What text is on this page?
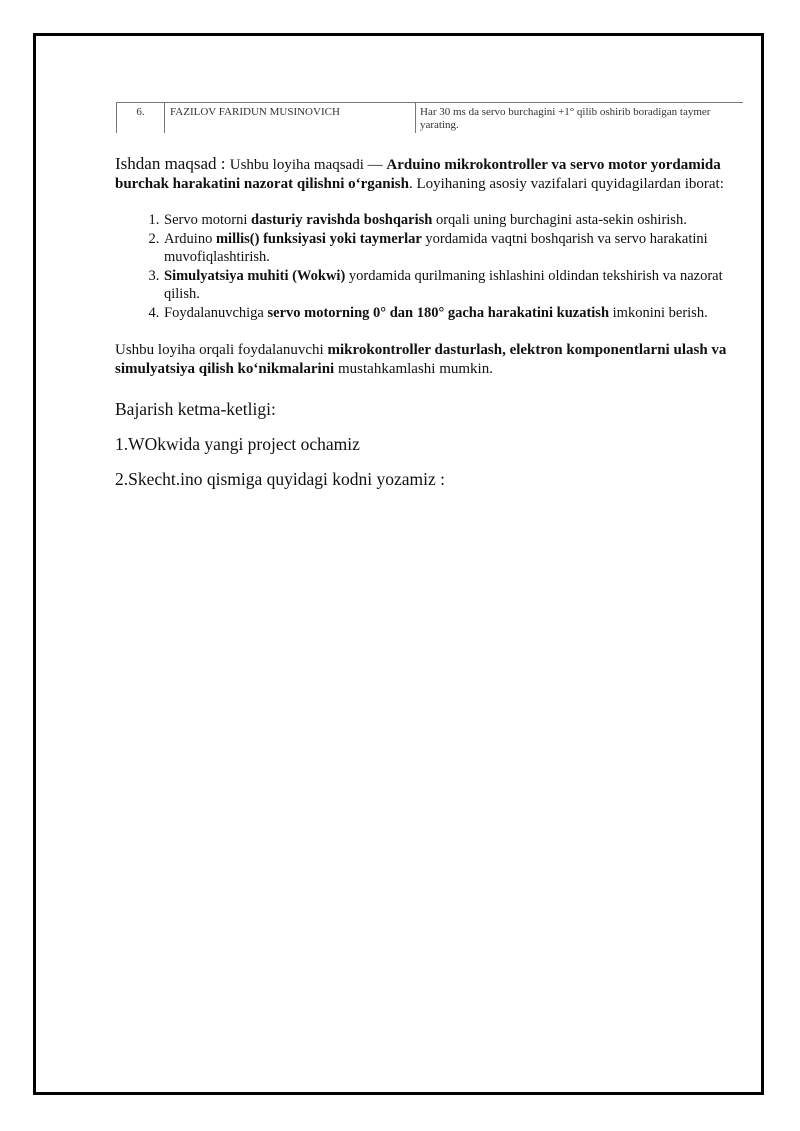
6.	FAZILOV FARIDUN MUSINOVICH	Har 30 ms da servo burchagini +1° qilib oshirib boradigan taymer yarating.

Ishdan maqsad : Ushbu loyiha maqsadi — Arduino mikrokontroller va servo motor yordamida burchak harakatini nazorat qilishni o‘rganish. Loyihaning asosiy vazifalari quyidagilardan iborat:

1. Servo motorni dasturiy ravishda boshqarish orqali uning burchagini asta-sekin oshirish.
2. Arduino millis() funksiyasi yoki taymerlar yordamida vaqtni boshqarish va servo harakatini muvofiqlashtirish.
3. Simulyatsiya muhiti (Wokwi) yordamida qurilmaning ishlashini oldindan tekshirish va nazorat qilish.
4. Foydalanuvchiga servo motorning 0° dan 180° gacha harakatini kuzatish imkonini berish.

Ushbu loyiha orqali foydalanuvchi mikrokontroller dasturlash, elektron komponentlarni ulash va simulyatsiya qilish ko‘nikmalarini mustahkamlashi mumkin.

Bajarish ketma-ketligi:

1.WOkwida yangi project ochamiz

2.Skecht.ino qismiga quyidagi kodni yozamiz :
